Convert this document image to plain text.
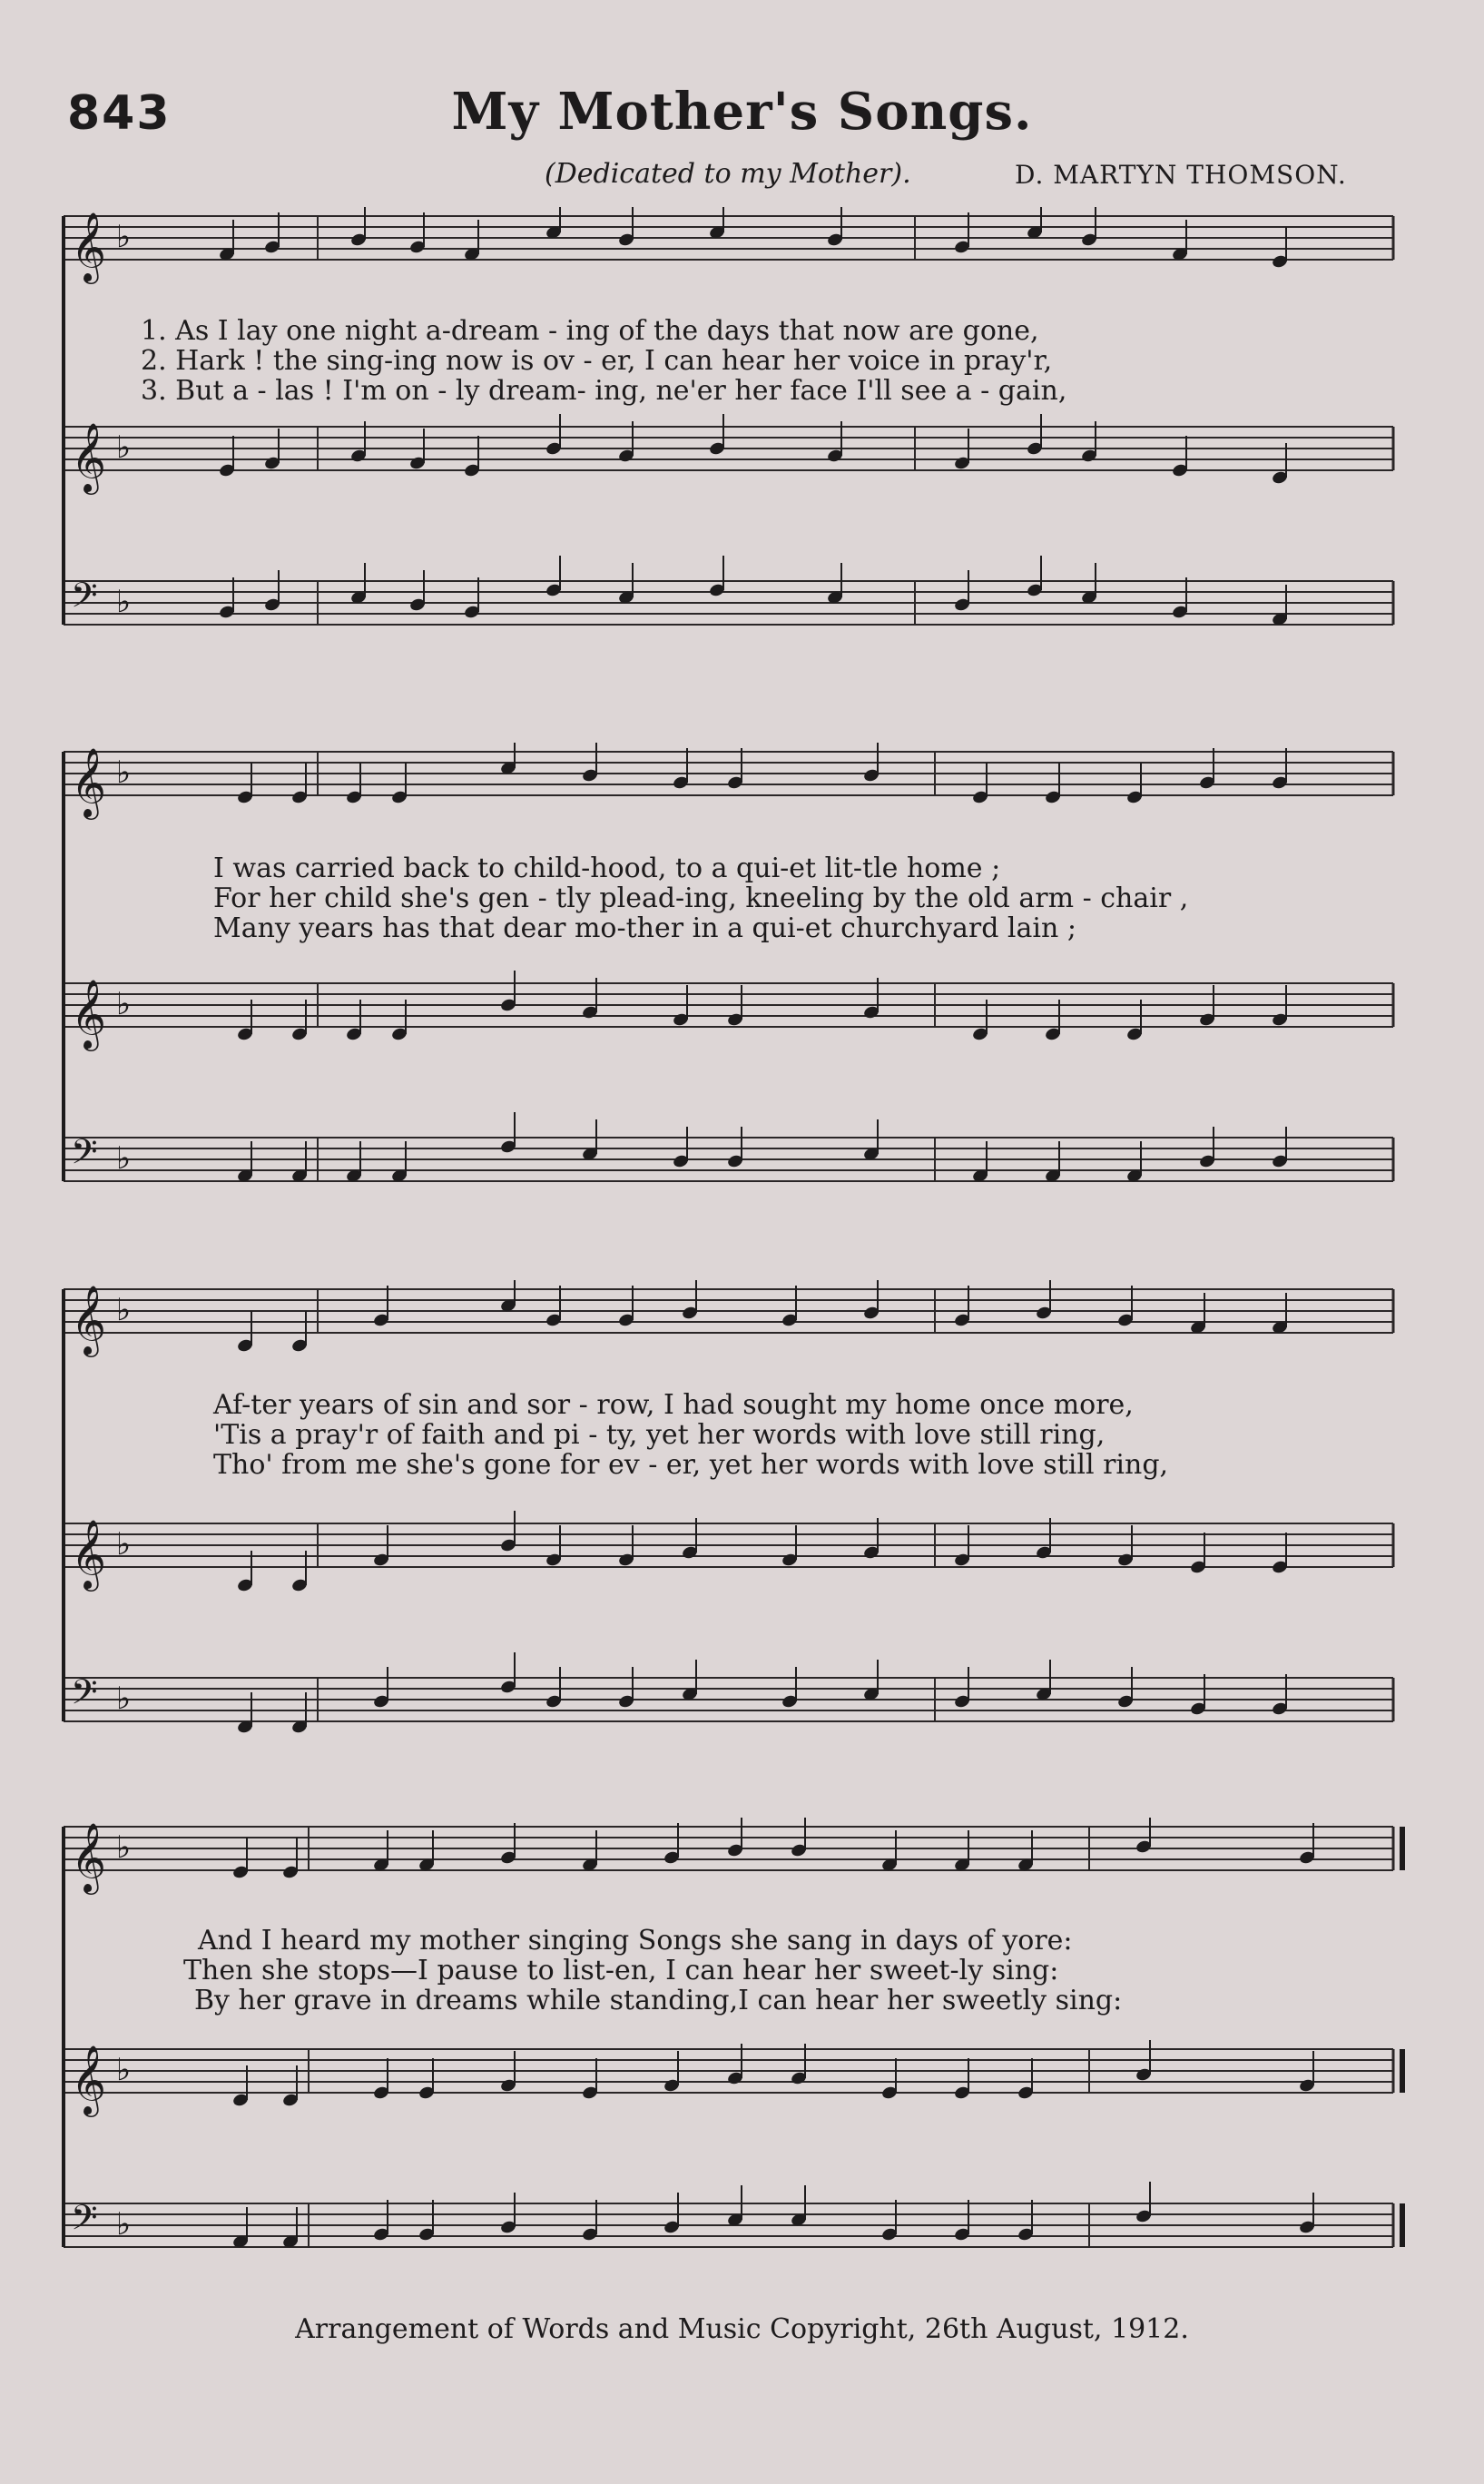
843	My Mother's Songs.
(Dedicated to my Mother).	D. MARTYN THOMSON.
𝄞 ♭
𝄞 ♭
𝄢 ♭
1. As I lay one night a-dream - ing of the days that now are gone,
2. Hark ! the sing-ing now is ov - er, I can hear her voice in pray'r,
3. But a - las ! I'm on - ly dream- ing, ne'er her face I'll see a - gain,
𝄞 ♭
𝄞 ♭
𝄢 ♭
I was carried back to child-hood, to a qui-et lit-tle home ;
For her child she's gen - tly plead-ing, kneeling by the old arm - chair ,
Many years has that dear mo-ther in a qui-et churchyard lain ;
𝄞 ♭
𝄞 ♭
𝄢 ♭
Af-ter years of sin and sor - row, I had sought my home once more,
'Tis a pray'r of faith and pi - ty, yet her words with love still ring,
Tho' from me she's gone for ev - er, yet her words with love still ring,
𝄞 ♭
𝄞 ♭
𝄢 ♭
And I heard my mother singing Songs she sang in days of yore:
Then she stops—I pause to list-en, I can hear her sweet-ly sing:
By her grave in dreams while standing,I can hear her sweetly sing:
Arrangement of Words and Music Copyright, 26th August, 1912.
